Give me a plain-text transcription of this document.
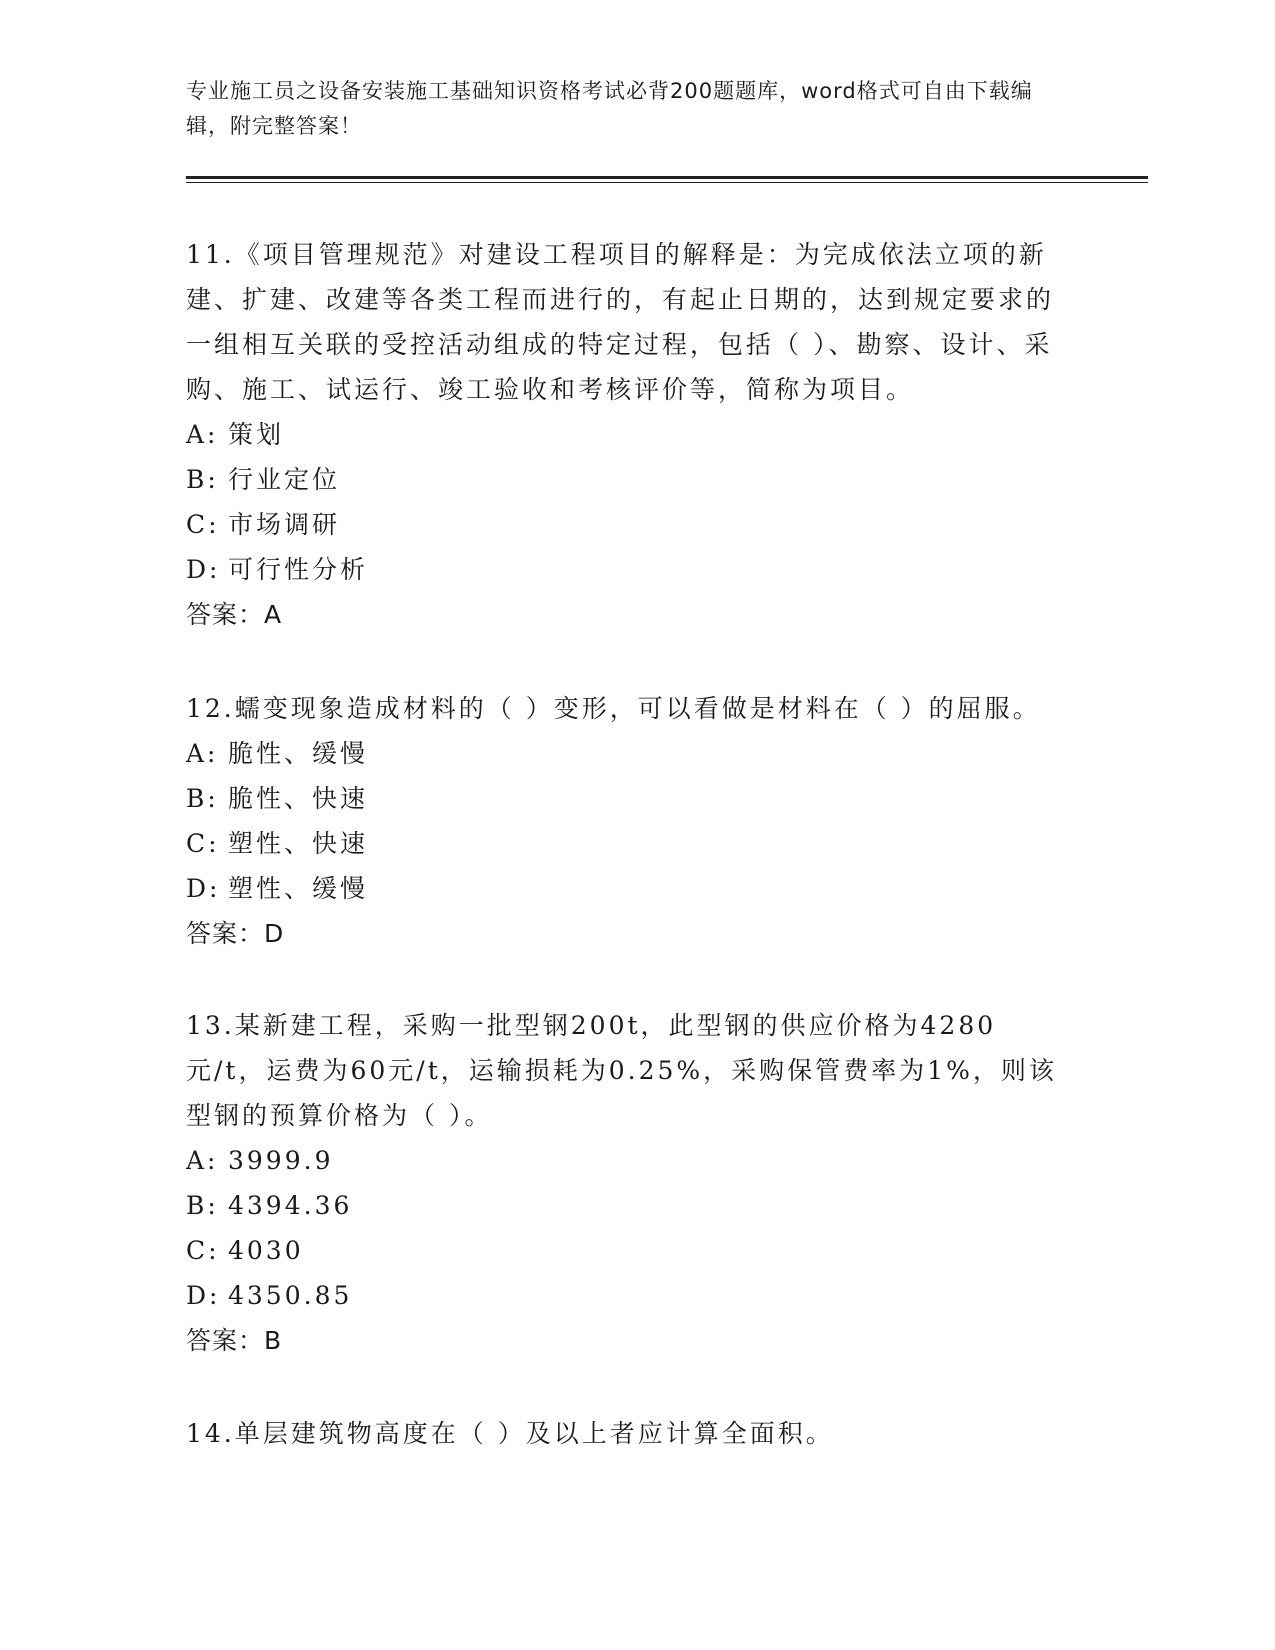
专业施工员之设备安装施工基础知识资格考试必背200题题库，word格式可自由下载编辑，附完整答案！

11.《项目管理规范》对建设工程项目的解释是：为完成依法立项的新建、扩建、改建等各类工程而进行的，有起止日期的，达到规定要求的一组相互关联的受控活动组成的特定过程，包括（ ）、勘察、设计、采购、施工、试运行、竣工验收和考核评价等，简称为项目。

A: 策划

B: 行业定位

C: 市场调研

D: 可行性分析

答案：A

12.蠕变现象造成材料的（ ）变形，可以看做是材料在（ ）的屈服。

A: 脆性、缓慢

B: 脆性、快速

C: 塑性、快速

D: 塑性、缓慢

答案：D

13.某新建工程，采购一批型钢200t，此型钢的供应价格为4280元/t，运费为60元/t，运输损耗为0.25%，采购保管费率为1%，则该型钢的预算价格为（ ）。

A: 3999.9

B: 4394.36

C: 4030

D: 4350.85

答案：B

14.单层建筑物高度在（ ）及以上者应计算全面积。
